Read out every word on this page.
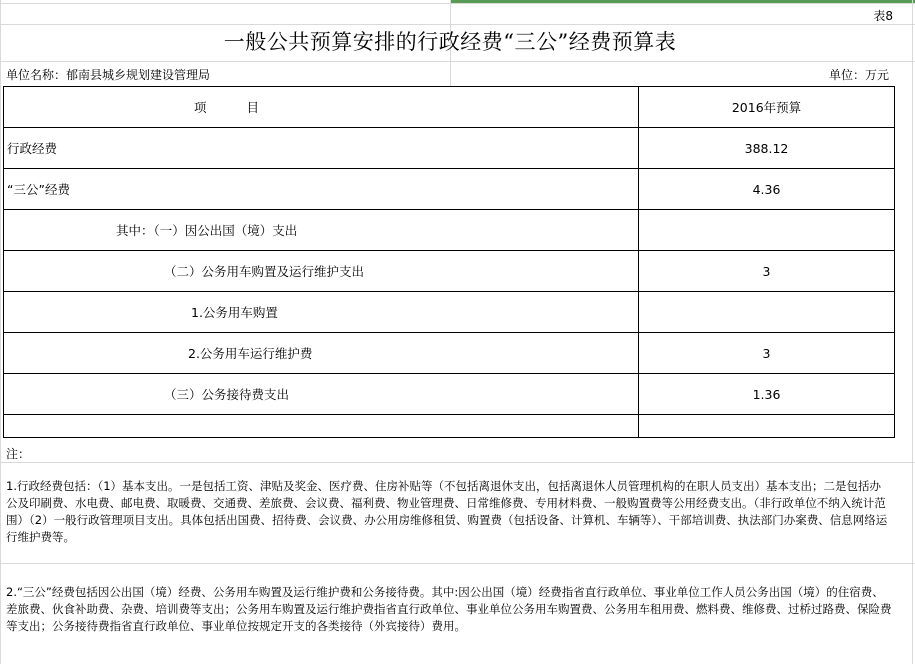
表8
一般公共预算安排的行政经费“三公”经费预算表
单位名称：郁南县城乡规划建设管理局	单位：万元
项 目	2016年预算
行政经费	388.12
“三公”经费	4.36
其中：（一）因公出国（境）支出	
（二）公务用车购置及运行维护支出	3
1.公务用车购置	
2.公务用车运行维护费	3
（三）公务接待费支出	1.36

注：
1.行政经费包括：（1）基本支出。一是包括工资、津贴及奖金、医疗费、住房补贴等（不包括离退休支出，包括离退休人员管理机构的在职人员支出）基本支出；二是包括办公及印刷费、水电费、邮电费、取暖费、交通费、差旅费、会议费、福利费、物业管理费、日常维修费、专用材料费、一般购置费等公用经费支出。（非行政单位不纳入统计范围）（2）一般行政管理项目支出。具体包括出国费、招待费、会议费、办公用房维修租赁、购置费（包括设备、计算机、车辆等）、干部培训费、执法部门办案费、信息网络运行维护费等。
2.“三公”经费包括因公出国（境）经费、公务用车购置及运行维护费和公务接待费。其中:因公出国（境）经费指省直行政单位、事业单位工作人员公务出国（境）的住宿费、差旅费、伙食补助费、杂费、培训费等支出；公务用车购置及运行维护费指省直行政单位、事业单位公务用车购置费、公务用车租用费、燃料费、维修费、过桥过路费、保险费等支出；公务接待费指省直行政单位、事业单位按规定开支的各类接待（外宾接待）费用。
